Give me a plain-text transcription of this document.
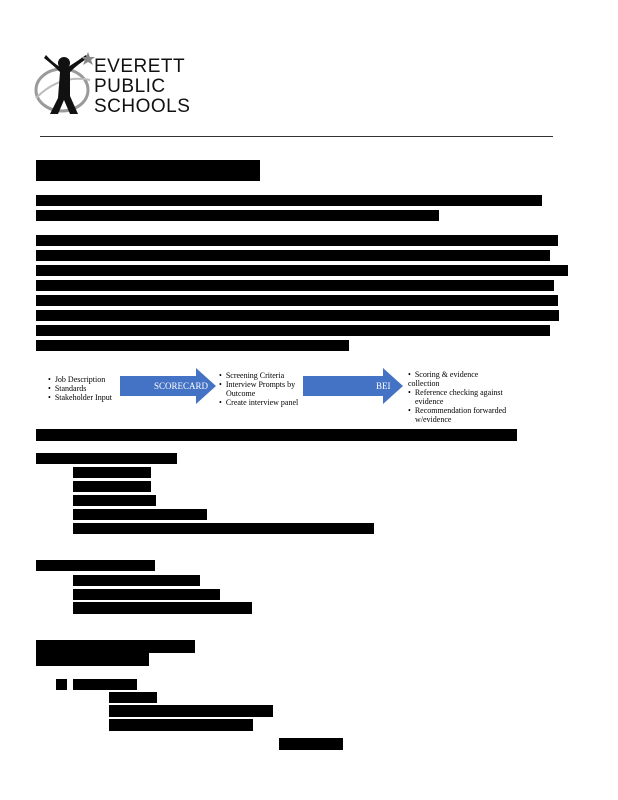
EVERETT
PUBLIC
SCHOOLS
•  Job Description
•  Standards
•  Stakeholder Input
SCORECARD
•  Screening Criteria
•  Interview Prompts by Outcome
•  Create interview panel
BEI
•  Scoring & evidence collection
•  Reference checking against evidence
•  Recommendation forwarded w/evidence
